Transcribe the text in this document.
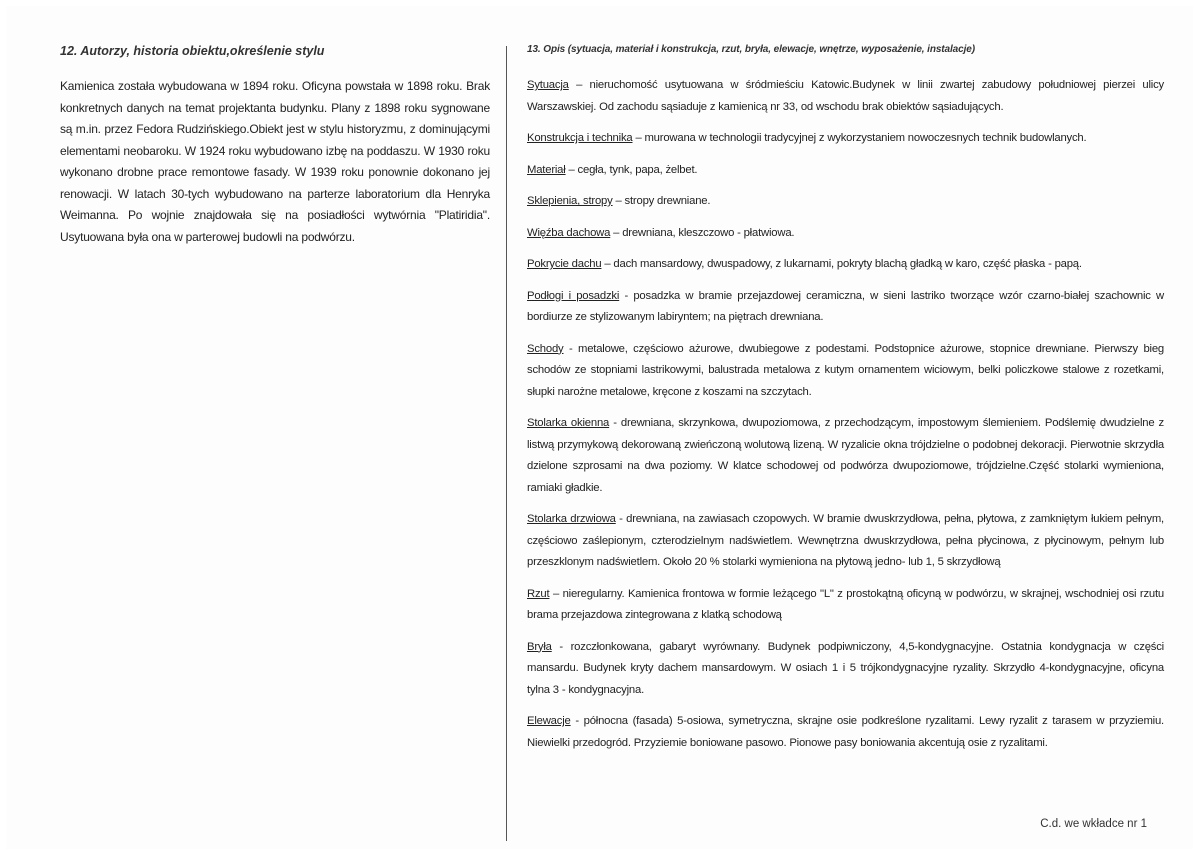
12. Autorzy, historia obiektu,określenie stylu

Kamienica została wybudowana w 1894 roku. Oficyna powstała w 1898 roku. Brak konkretnych danych na temat projektanta budynku. Plany z 1898 roku sygnowane są m.in. przez Fedora Rudzińskiego.Obiekt jest w stylu historyzmu, z dominującymi elementami neobaroku. W 1924 roku wybudowano izbę na poddaszu. W 1930 roku wykonano drobne prace remontowe fasady. W 1939 roku ponownie dokonano jej renowacji. W latach 30-tych wybudowano na parterze laboratorium dla Henryka Weimanna. Po wojnie znajdowała się na posiadłości wytwórnia "Platiridia". Usytuowana była ona w parterowej budowli na podwórzu.

13. Opis (sytuacja, materiał i konstrukcja, rzut, bryła, elewacje, wnętrze, wyposażenie, instalacje)

Sytuacja – nieruchomość usytuowana w śródmieściu Katowic.Budynek w linii zwartej zabudowy południowej pierzei ulicy Warszawskiej. Od zachodu sąsiaduje z kamienicą nr 33, od wschodu brak obiektów sąsiadujących.

Konstrukcja i technika – murowana w technologii tradycyjnej z wykorzystaniem nowoczesnych technik budowlanych.

Materiał – cegła, tynk, papa, żelbet.

Sklepienia, stropy – stropy drewniane.

Więźba dachowa – drewniana, kleszczowo - płatwiowa.

Pokrycie dachu – dach mansardowy, dwuspadowy, z lukarnami, pokryty blachą gładką w karo, część płaska - papą.

Podłogi i posadzki - posadzka w bramie przejazdowej ceramiczna, w sieni lastriko tworzące wzór czarno-białej szachownic w bordiurze ze stylizowanym labiryntem; na piętrach drewniana.

Schody - metalowe, częściowo ażurowe, dwubiegowe z podestami. Podstopnice ażurowe, stopnice drewniane. Pierwszy bieg schodów ze stopniami lastrikowymi, balustrada metalowa z kutym ornamentem wiciowym, belki policzkowe stalowe z rozetkami, słupki narożne metalowe, kręcone z koszami na szczytach.

Stolarka okienna - drewniana, skrzynkowa, dwupoziomowa, z przechodzącym, impostowym ślemieniem. Podślemię dwudzielne z listwą przymykową dekorowaną zwieńczoną wolutową lizeną. W ryzalicie okna trójdzielne o podobnej dekoracji. Pierwotnie skrzydła dzielone szprosami na dwa poziomy. W klatce schodowej od podwórza dwupoziomowe, trójdzielne.Część stolarki wymieniona, ramiaki gładkie.

Stolarka drzwiowa - drewniana, na zawiasach czopowych. W bramie dwuskrzydłowa, pełna, płytowa, z zamkniętym łukiem pełnym, częściowo zaślepionym, czterodzielnym nadświetlem. Wewnętrzna dwuskrzydłowa, pełna płycinowa, z płycinowym, pełnym lub przeszklonym nadświetlem. Około 20 % stolarki wymieniona na płytową jedno- lub 1, 5 skrzydłową

Rzut – nieregularny. Kamienica frontowa w formie leżącego "L" z prostokątną oficyną w podwórzu, w skrajnej, wschodniej osi rzutu brama przejazdowa zintegrowana z klatką schodową

Bryła - rozczłonkowana, gabaryt wyrównany. Budynek podpiwniczony, 4,5-kondygnacyjne. Ostatnia kondygnacja w części mansardu. Budynek kryty dachem mansardowym. W osiach 1 i 5 trójkondygnacyjne ryzality. Skrzydło 4-kondygnacyjne, oficyna tylna 3 - kondygnacyjna.

Elewacje - północna (fasada) 5-osiowa, symetryczna, skrajne osie podkreślone ryzalitami. Lewy ryzalit z tarasem w przyziemiu. Niewielki przedogród. Przyziemie boniowane pasowo. Pionowe pasy boniowania akcentują osie z ryzalitami.

C.d. we wkładce nr 1
